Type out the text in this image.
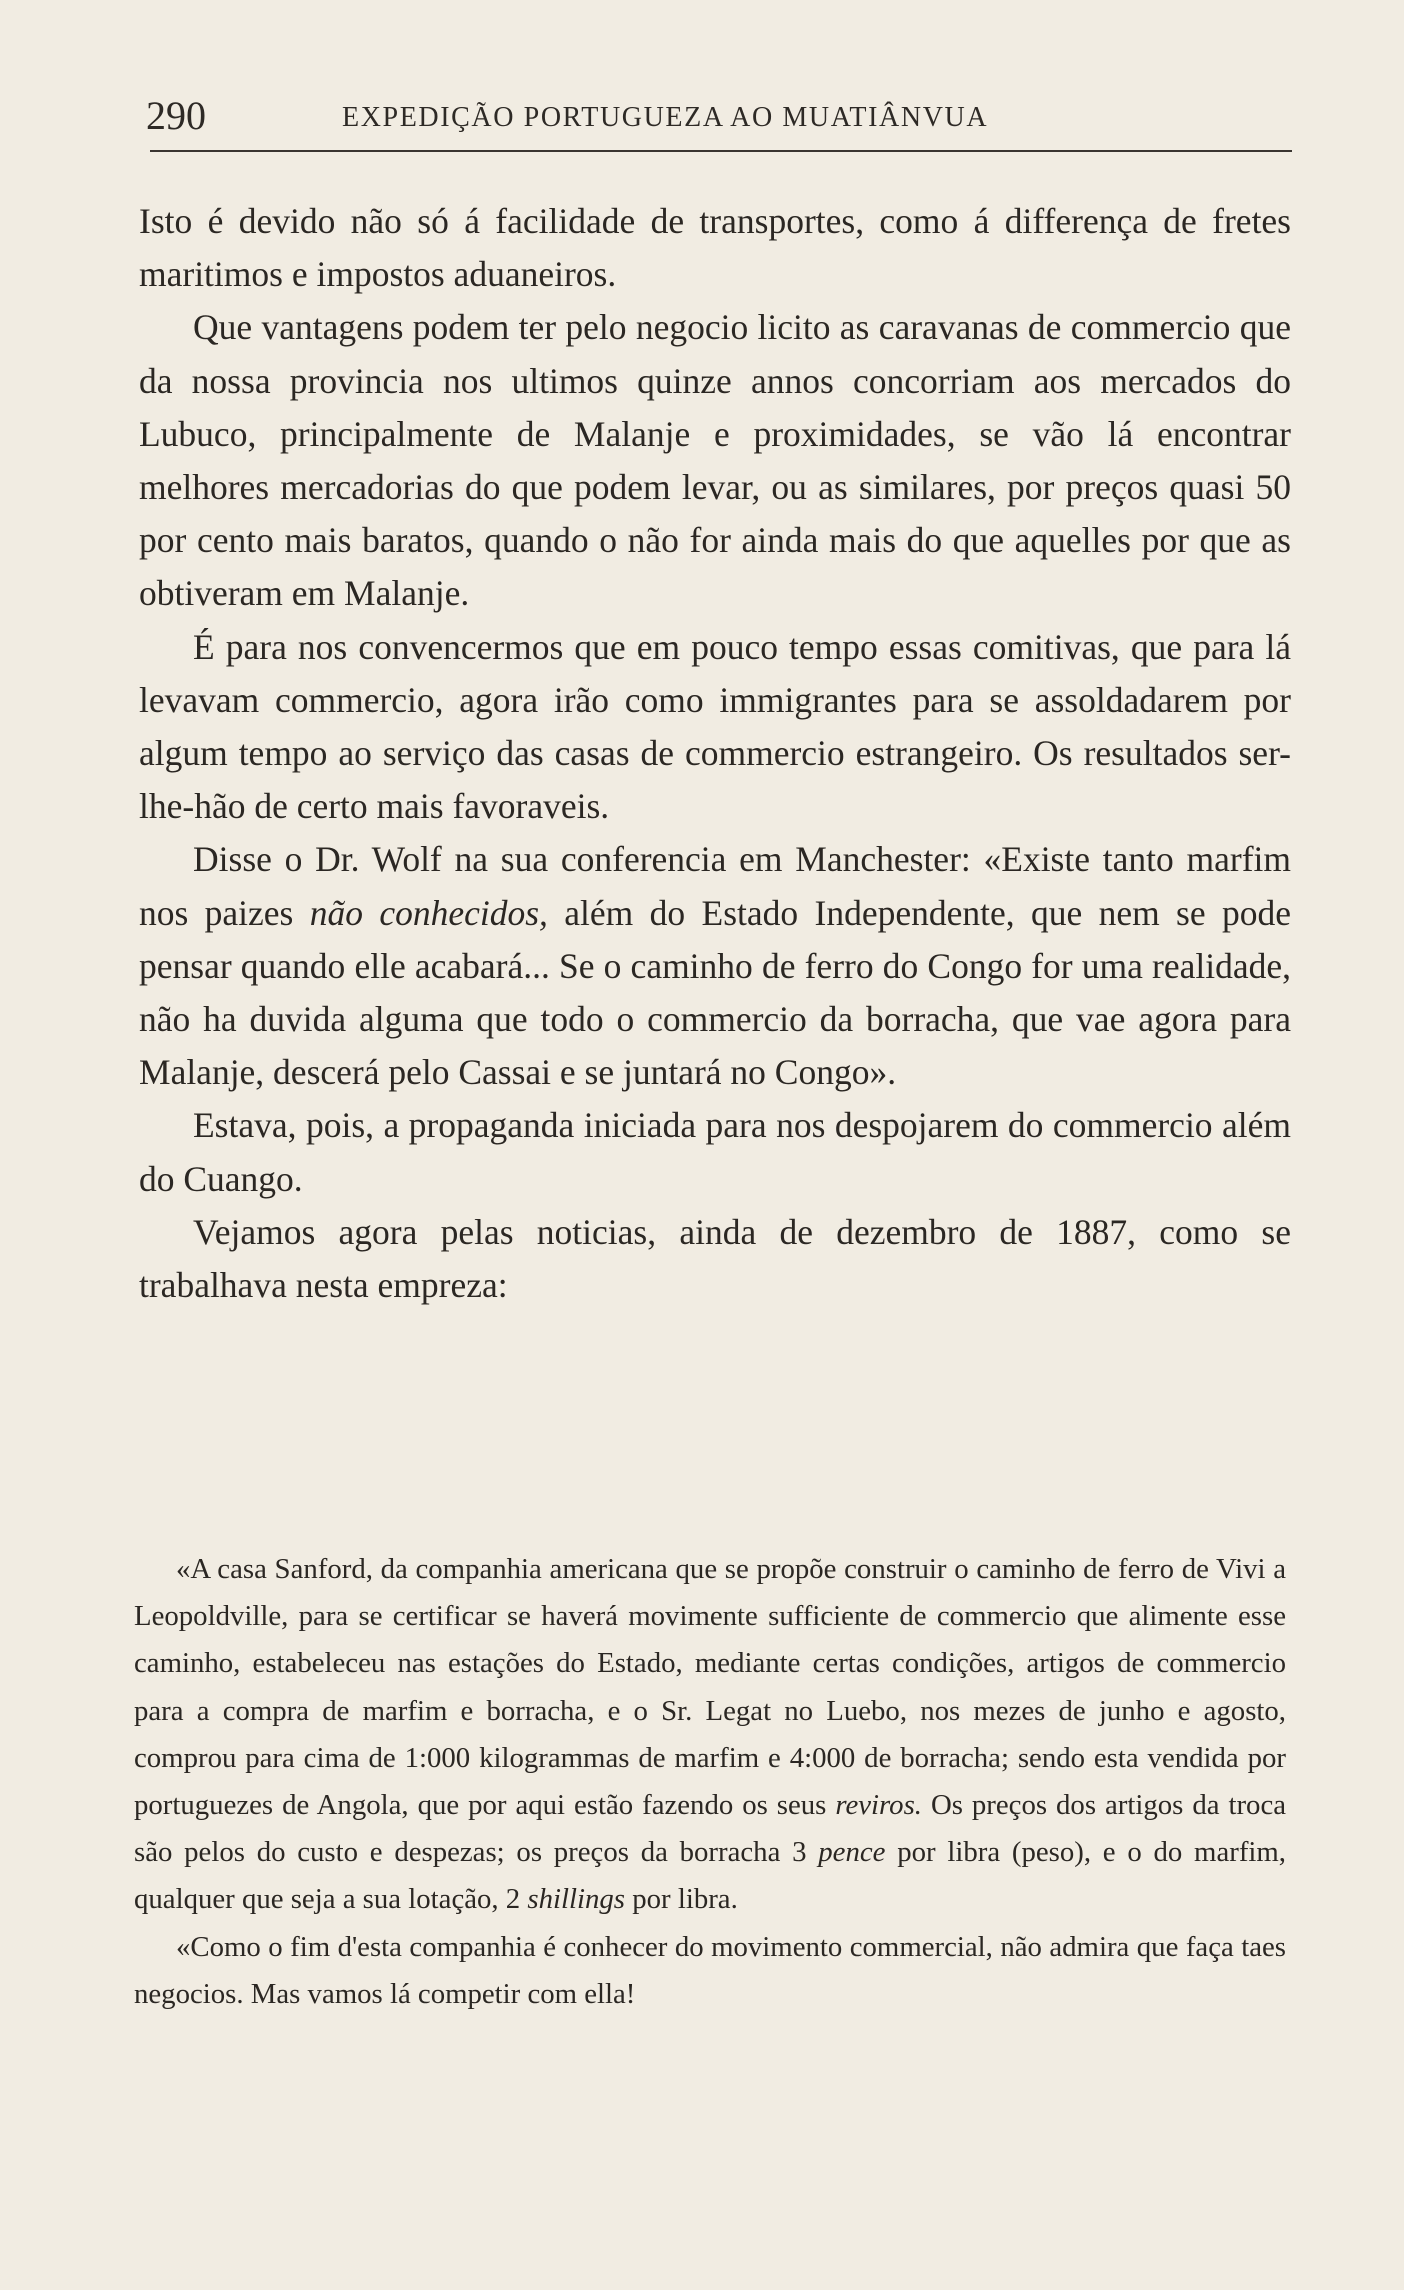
290	EXPEDIÇÃO PORTUGUEZA AO MUATIÂNVUA

Isto é devido não só á facilidade de transportes, como á differença de fretes maritimos e impostos aduaneiros.

Que vantagens podem ter pelo negocio licito as caravanas de commercio que da nossa provincia nos ultimos quinze annos concorriam aos mercados do Lubuco, principalmente de Malanje e proximidades, se vão lá encontrar melhores mercadorias do que podem levar, ou as similares, por preços quasi 50 por cento mais baratos, quando o não for ainda mais do que aquelles por que as obtiveram em Malanje.

É para nos convencermos que em pouco tempo essas comitivas, que para lá levavam commercio, agora irão como immigrantes para se assoldadarem por algum tempo ao serviço das casas de commercio estrangeiro. Os resultados ser-lhe-hão de certo mais favoraveis.

Disse o Dr. Wolf na sua conferencia em Manchester: «Existe tanto marfim nos paizes não conhecidos, além do Estado Independente, que nem se pode pensar quando elle acabará... Se o caminho de ferro do Congo for uma realidade, não ha duvida alguma que todo o commercio da borracha, que vae agora para Malanje, descerá pelo Cassai e se juntará no Congo».

Estava, pois, a propaganda iniciada para nos despojarem do commercio além do Cuango.

Vejamos agora pelas noticias, ainda de dezembro de 1887, como se trabalhava nesta empreza:

«A casa Sanford, da companhia americana que se propõe construir o caminho de ferro de Vivi a Leopoldville, para se certificar se haverá movimente sufficiente de commercio que alimente esse caminho, estabeleceu nas estações do Estado, mediante certas condições, artigos de commercio para a compra de marfim e borracha, e o Sr. Legat no Luebo, nos mezes de junho e agosto, comprou para cima de 1:000 kilogrammas de marfim e 4:000 de borracha; sendo esta vendida por portuguezes de Angola, que por aqui estão fazendo os seus reviros. Os preços dos artigos da troca são pelos do custo e despezas; os preços da borracha 3 pence por libra (peso), e o do marfim, qualquer que seja a sua lotação, 2 shillings por libra.

«Como o fim d'esta companhia é conhecer do movimento commercial, não admira que faça taes negocios. Mas vamos lá competir com ella!
